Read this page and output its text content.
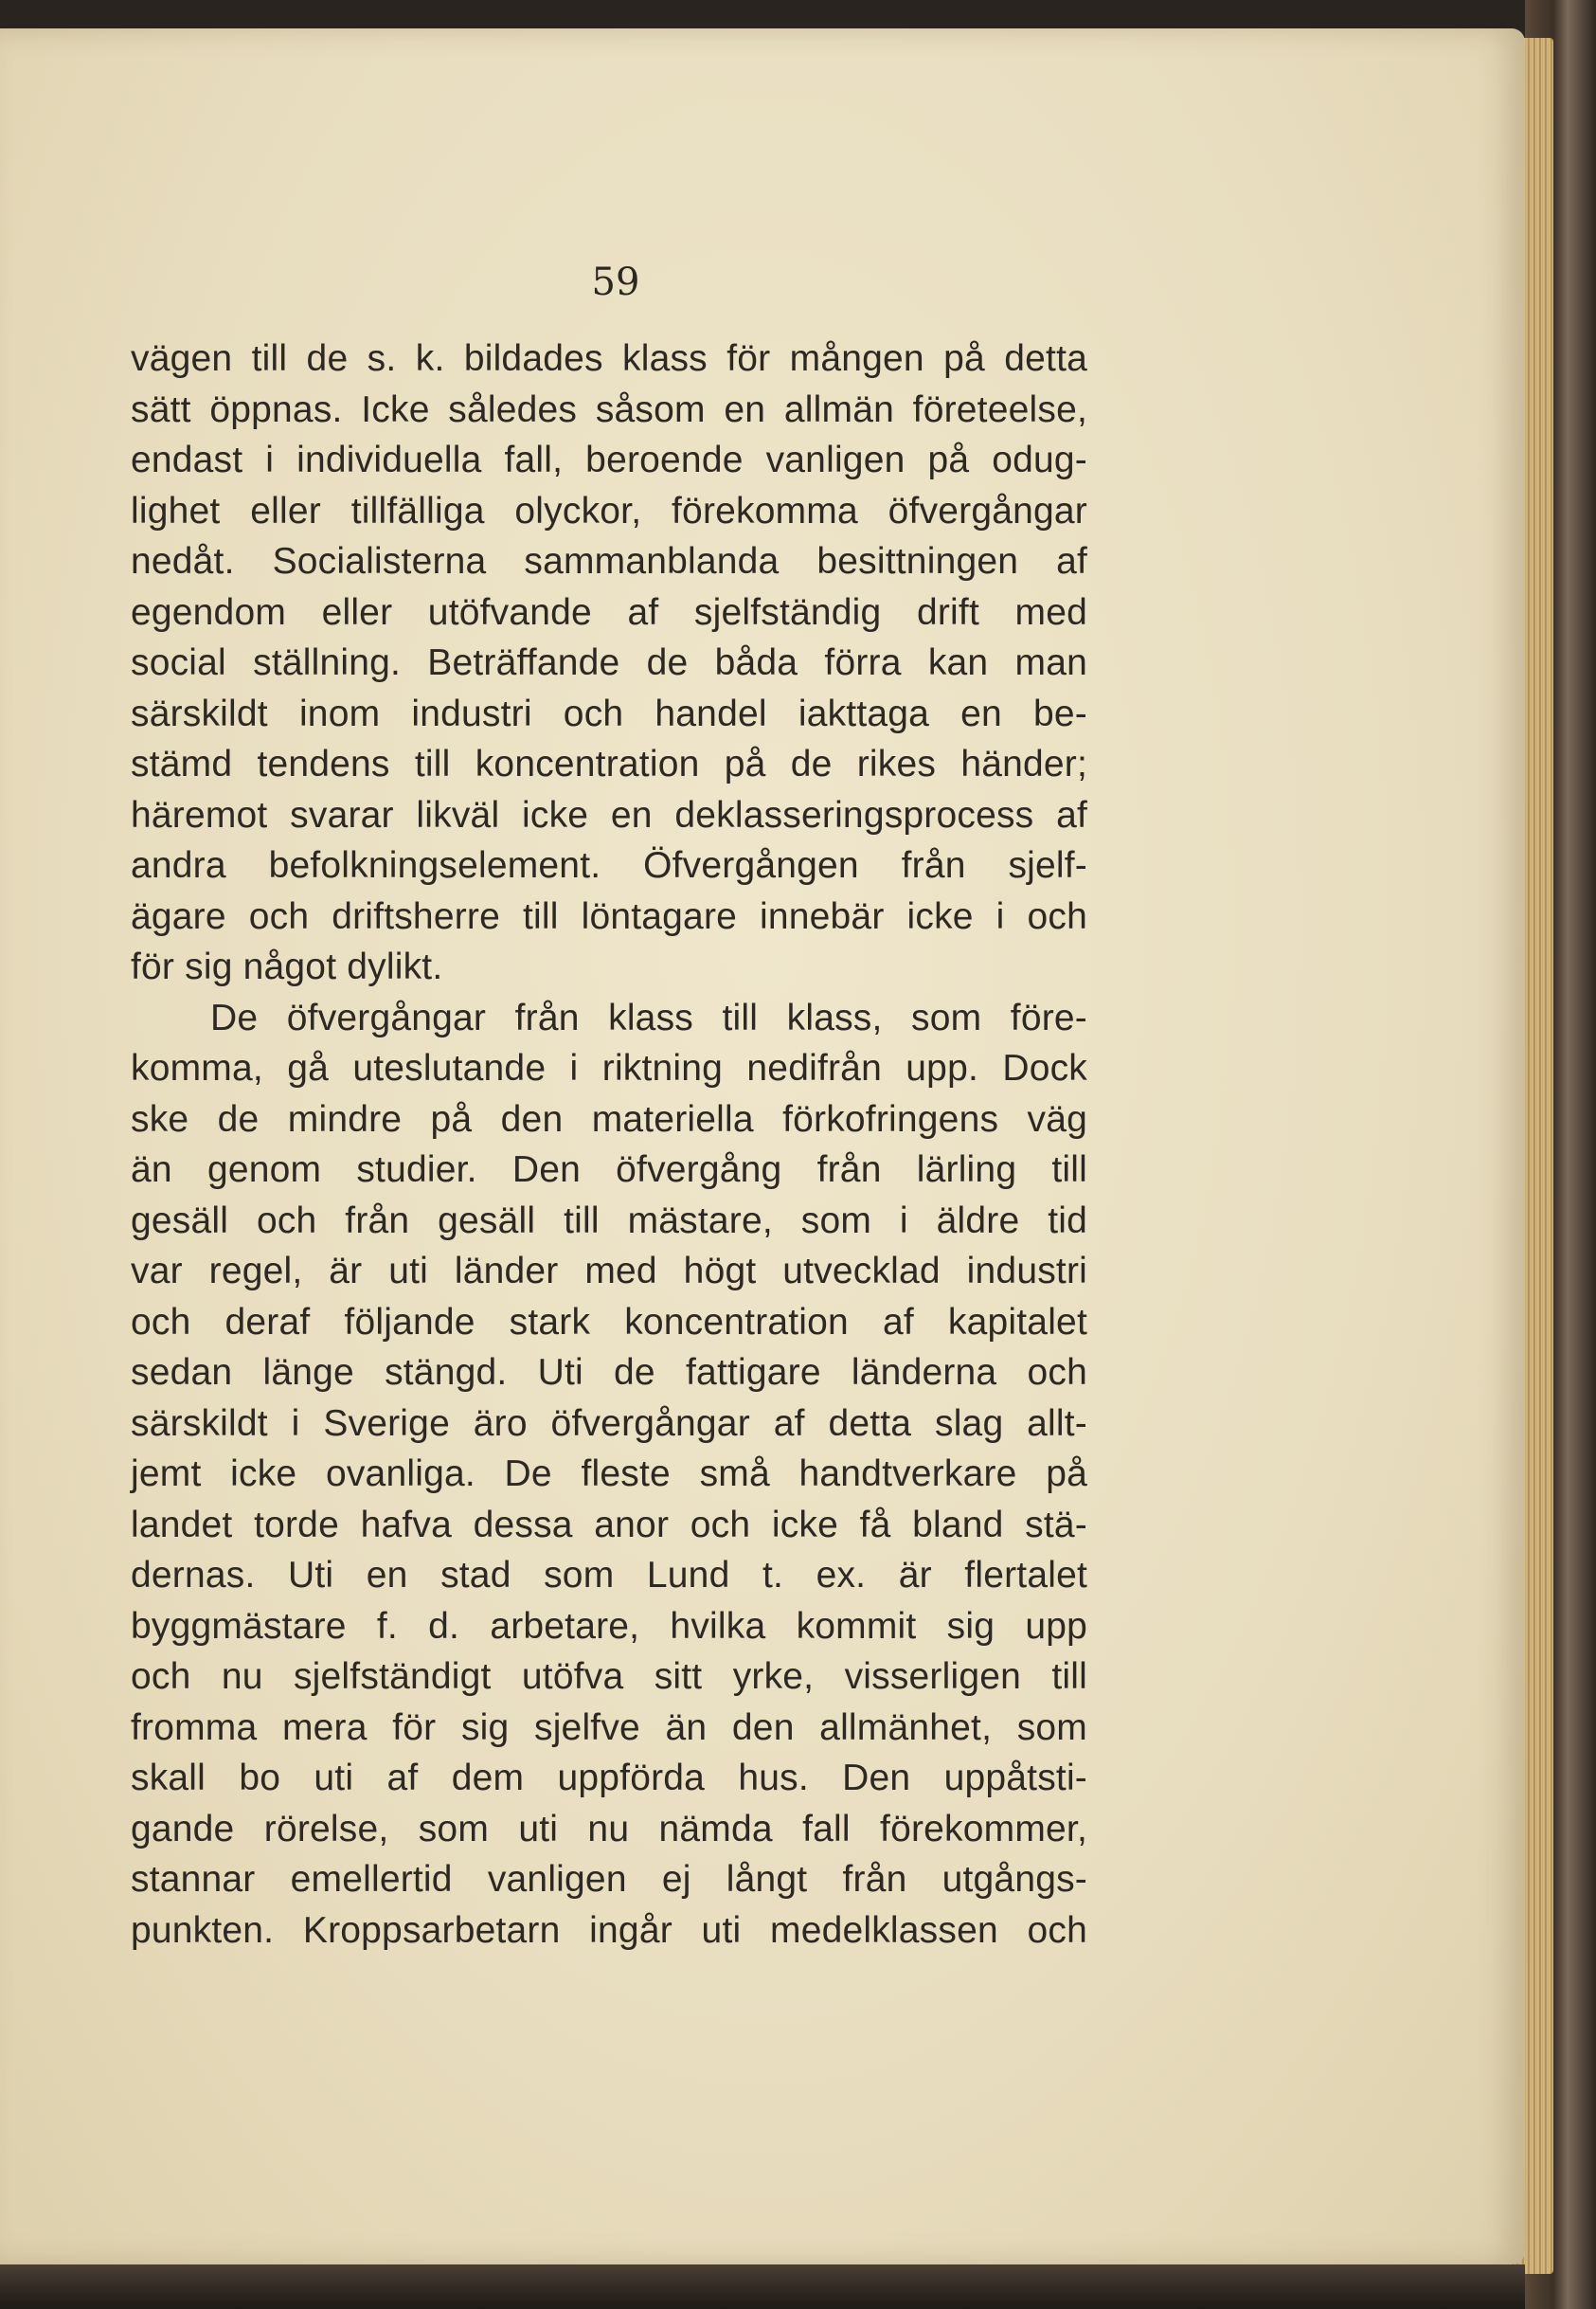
59
vägen till de s. k. bildades klass för mången på detta
sätt öppnas. Icke således såsom en allmän företeelse,
endast i individuella fall, beroende vanligen på odug-
lighet eller tillfälliga olyckor, förekomma öfvergångar
nedåt. Socialisterna sammanblanda besittningen af
egendom eller utöfvande af sjelfständig drift med
social ställning. Beträffande de båda förra kan man
särskildt inom industri och handel iakttaga en be-
stämd tendens till koncentration på de rikes händer;
häremot svarar likväl icke en deklasseringsprocess af
andra befolkningselement. Öfvergången från sjelf-
ägare och driftsherre till löntagare innebär icke i och
för sig något dylikt.
De öfvergångar från klass till klass, som före-
komma, gå uteslutande i riktning nedifrån upp. Dock
ske de mindre på den materiella förkofringens väg
än genom studier. Den öfvergång från lärling till
gesäll och från gesäll till mästare, som i äldre tid
var regel, är uti länder med högt utvecklad industri
och deraf följande stark koncentration af kapitalet
sedan länge stängd. Uti de fattigare länderna och
särskildt i Sverige äro öfvergångar af detta slag allt-
jemt icke ovanliga. De fleste små handtverkare på
landet torde hafva dessa anor och icke få bland stä-
dernas. Uti en stad som Lund t. ex. är flertalet
byggmästare f. d. arbetare, hvilka kommit sig upp
och nu sjelfständigt utöfva sitt yrke, visserligen till
fromma mera för sig sjelfve än den allmänhet, som
skall bo uti af dem uppförda hus. Den uppåtsti-
gande rörelse, som uti nu nämda fall förekommer,
stannar emellertid vanligen ej långt från utgångs-
punkten. Kroppsarbetarn ingår uti medelklassen och
